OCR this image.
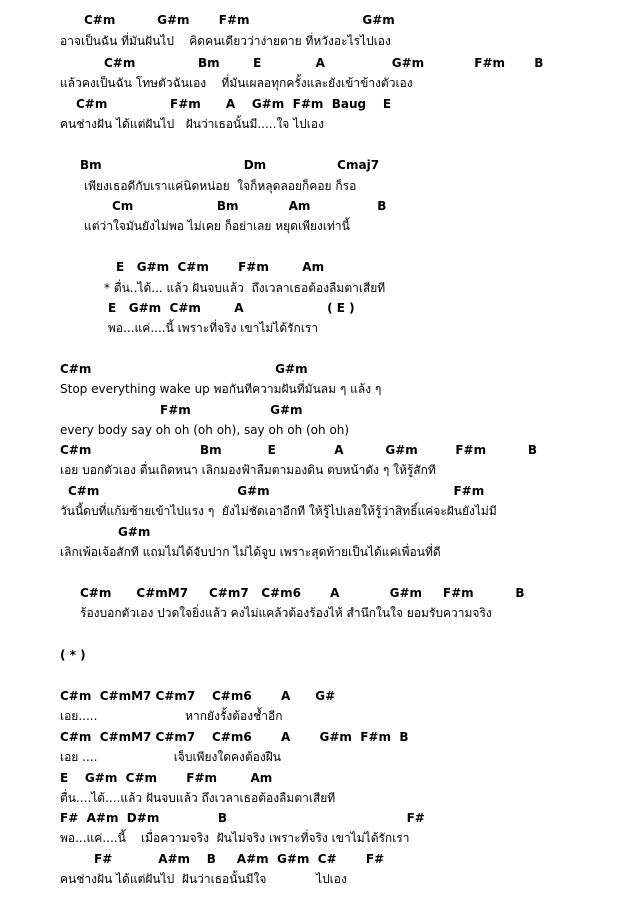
C#m          G#m       F#m                           G#m
อาจเป็นฉัน ที่มันฝันไป    คิดคนเดียวว่าง่ายดาย ที่หวังอะไรไปเอง
C#m               Bm        E             A                G#m            F#m       B
แล้วคงเป็นฉัน โทษตัวฉันเอง    ที่มันเผลอทุกครั้งและยังเข้าข้างตัวเอง
C#m               F#m      A    G#m  F#m  Baug    E
คนช่างฝัน ได้แต่ฝันไป   ฝันว่าเธอนั้นมี.....ใจ ไปเอง
Bm                                  Dm                 Cmaj7
เพียงเธอดีกับเราแค่นิดหน่อย  ใจก็หลุดลอยก็คอย ก็รอ
Cm                    Bm            Am                B
แต่ว่าใจมันยังไม่พอ ไม่เคย ก็อย่าเลย หยุดเพียงเท่านี้
E   G#m  C#m       F#m        Am
* ตื่น..ได้... แล้ว ฝันจบแล้ว  ถึงเวลาเธอต้องลืมตาเสียที
E   G#m  C#m        A                    ( E )
พอ...แค่....นี้ เพราะที่จริง เขาไม่ได้รักเรา
C#m                                            G#m
Stop everything wake up พอกันทีความฝันที่มันลม ๆ แล้ง ๆ
F#m                   G#m
every body say oh oh (oh oh), say oh oh (oh oh)
C#m                          Bm           E              A          G#m         F#m          B
เอย บอกตัวเอง ตื่นเถิดหนา เลิกมองฟ้าลืมตามองดิน ตบหน้าดัง ๆ ให้รู้สักที
C#m                                 G#m                                            F#m
วันนี้ดบที่แก้มซ้ายเข้าไปแรง ๆ  ยังไม่ชัดเอาอีกที ให้รู้ไปเลยให้รู้ว่าสิทธิ์แค่จะฝันยังไม่มี
G#m
เลิกเพ้อเจ้อสักที แถมไม่ได้จับปาก ไม่ได้จูบ เพราะสุดท้ายเป็นได้แค่เพื่อนที่ดี
C#m      C#mM7     C#m7   C#m6       A            G#m     F#m          B
ร้องบอกตัวเอง ปวดใจยิ่งแล้ว คงไม่แคล้วต้องร้องไห้ สำนึกในใจ ยอมรับความจริง
( * )
C#m  C#mM7 C#m7    C#m6       A      G#
เอย.....                       หากยังรั้งต้องช้ำอีก
C#m  C#mM7 C#m7    C#m6       A       G#m  F#m  B
เอย ....                    เจ็บเพียงใดคงต้องฝืน
E    G#m  C#m       F#m        Am
ตื่น....ได้....แล้ว ฝันจบแล้ว ถึงเวลาเธอต้องลืมตาเสียที
F#  A#m  D#m              B                                           F#
พอ...แค่....นี้    เมื่อความจริง  ฝันไม่จริง เพราะที่จริง เขาไม่ได้รักเรา
F#           A#m    B     A#m  G#m  C#       F#
คนช่างฝัน ได้แต่ฝันไป  ฝันว่าเธอนั้นมีใจ             ไปเอง
